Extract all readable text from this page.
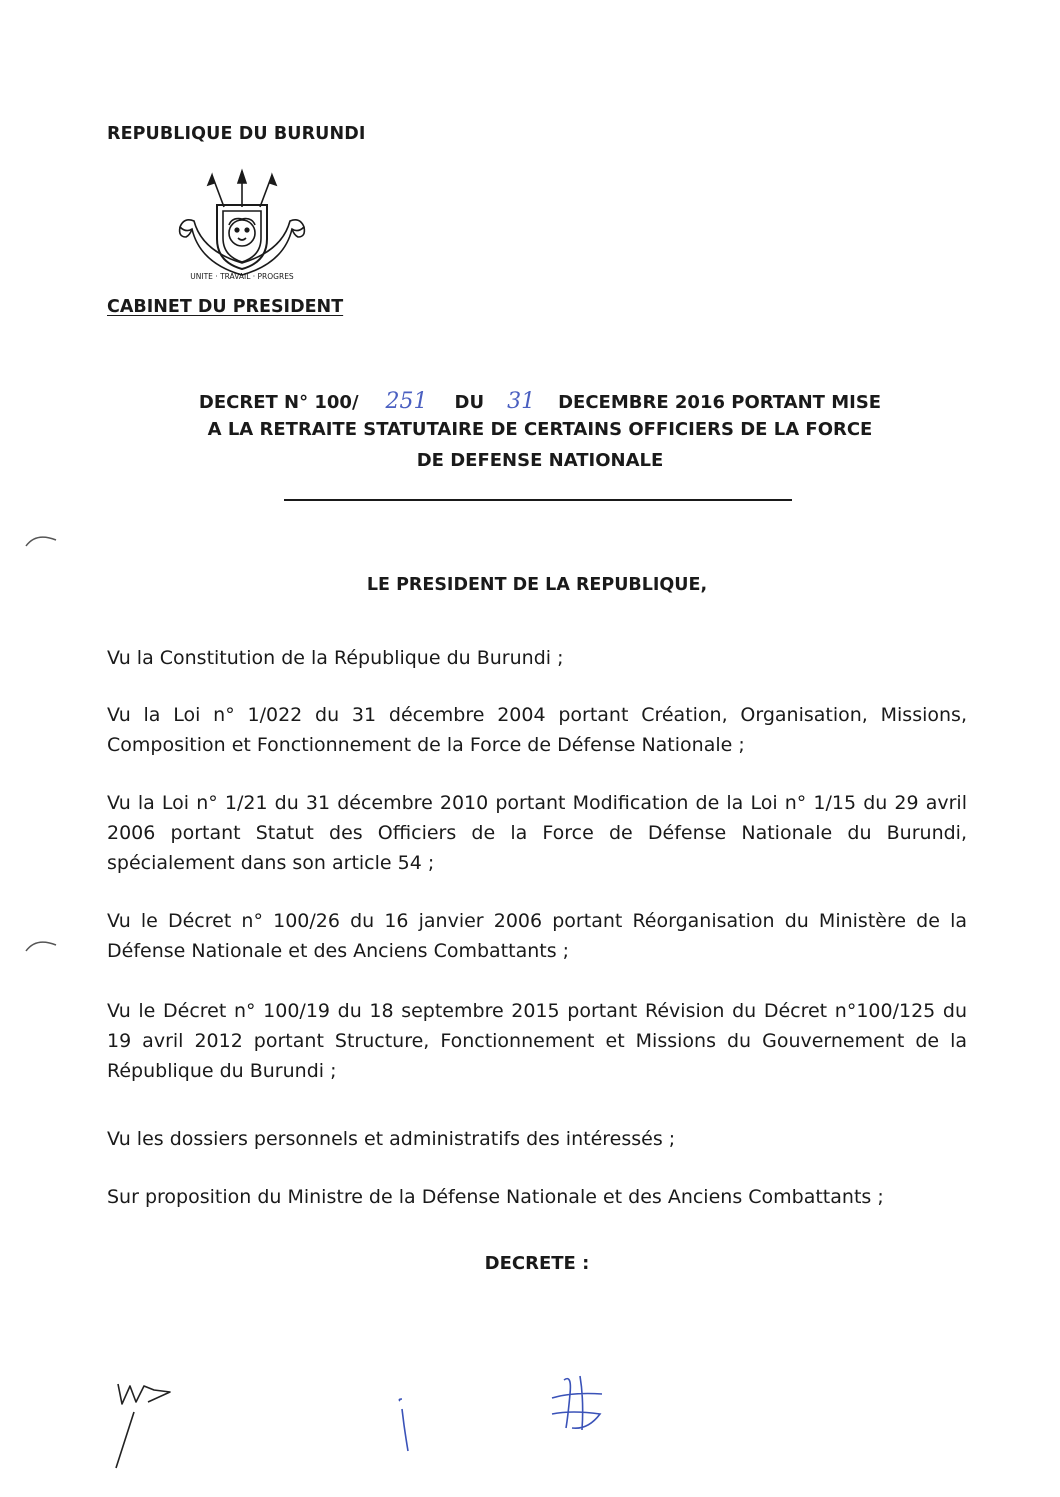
REPUBLIQUE DU BURUNDI
UNITE · TRAVAIL · PROGRES
CABINET DU PRESIDENT
DECRET N° 100/ 251 DU 31 DECEMBRE 2016 PORTANT MISE
A LA RETRAITE STATUTAIRE DE CERTAINS OFFICIERS DE LA FORCE
DE DEFENSE NATIONALE
LE PRESIDENT DE LA REPUBLIQUE,
Vu la Constitution de la République du Burundi ;
Vu la Loi n° 1/022 du 31 décembre 2004 portant Création, Organisation, Missions, Composition et Fonctionnement de la Force de Défense Nationale ;
Vu la Loi n° 1/21 du 31 décembre 2010 portant Modification de la Loi n° 1/15 du 29 avril 2006 portant Statut des Officiers de la Force de Défense Nationale du Burundi, spécialement dans son article 54 ;
Vu le Décret n° 100/26 du 16 janvier 2006 portant Réorganisation du Ministère de la Défense Nationale et des Anciens Combattants ;
Vu le Décret n° 100/19 du 18 septembre 2015 portant Révision du Décret n°100/125 du 19 avril 2012 portant Structure, Fonctionnement et Missions du Gouvernement de la République du Burundi ;
Vu les dossiers personnels et administratifs des intéressés ;
Sur proposition du Ministre de la Défense Nationale et des Anciens Combattants ;
DECRETE :
